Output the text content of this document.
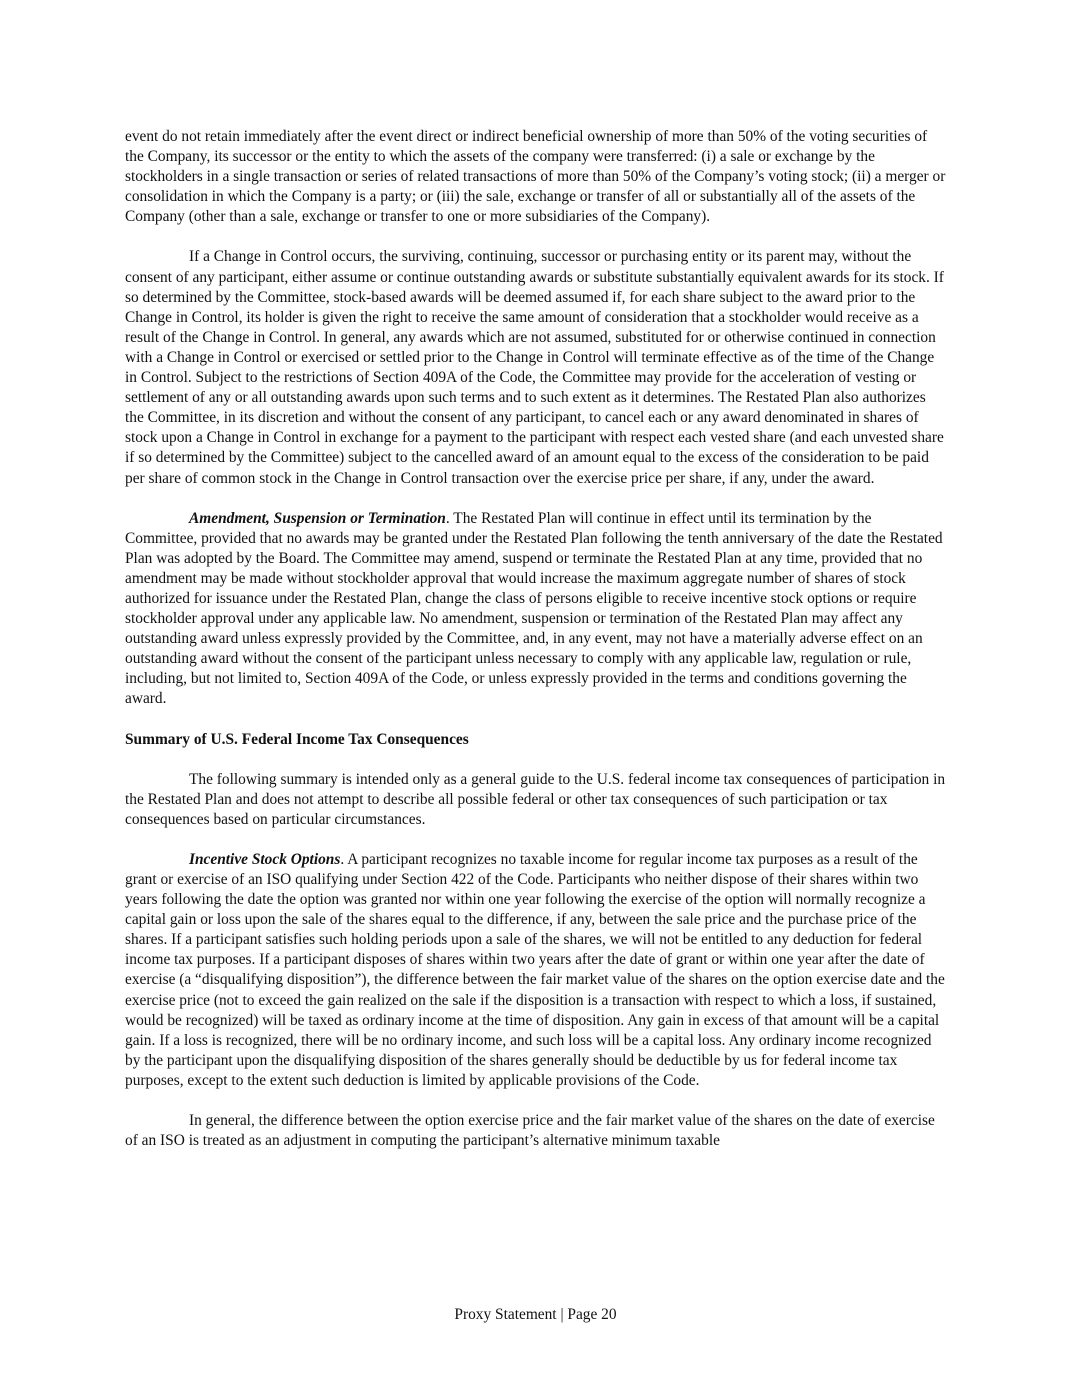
event do not retain immediately after the event direct or indirect beneficial ownership of more than 50% of the voting securities of the Company, its successor or the entity to which the assets of the company were transferred: (i) a sale or exchange by the stockholders in a single transaction or series of related transactions of more than 50% of the Company’s voting stock; (ii) a merger or consolidation in which the Company is a party; or (iii) the sale, exchange or transfer of all or substantially all of the assets of the Company (other than a sale, exchange or transfer to one or more subsidiaries of the Company).

If a Change in Control occurs, the surviving, continuing, successor or purchasing entity or its parent may, without the consent of any participant, either assume or continue outstanding awards or substitute substantially equivalent awards for its stock. If so determined by the Committee, stock-based awards will be deemed assumed if, for each share subject to the award prior to the Change in Control, its holder is given the right to receive the same amount of consideration that a stockholder would receive as a result of the Change in Control. In general, any awards which are not assumed, substituted for or otherwise continued in connection with a Change in Control or exercised or settled prior to the Change in Control will terminate effective as of the time of the Change in Control. Subject to the restrictions of Section 409A of the Code, the Committee may provide for the acceleration of vesting or settlement of any or all outstanding awards upon such terms and to such extent as it determines. The Restated Plan also authorizes the Committee, in its discretion and without the consent of any participant, to cancel each or any award denominated in shares of stock upon a Change in Control in exchange for a payment to the participant with respect each vested share (and each unvested share if so determined by the Committee) subject to the cancelled award of an amount equal to the excess of the consideration to be paid per share of common stock in the Change in Control transaction over the exercise price per share, if any, under the award.

Amendment, Suspension or Termination. The Restated Plan will continue in effect until its termination by the Committee, provided that no awards may be granted under the Restated Plan following the tenth anniversary of the date the Restated Plan was adopted by the Board. The Committee may amend, suspend or terminate the Restated Plan at any time, provided that no amendment may be made without stockholder approval that would increase the maximum aggregate number of shares of stock authorized for issuance under the Restated Plan, change the class of persons eligible to receive incentive stock options or require stockholder approval under any applicable law. No amendment, suspension or termination of the Restated Plan may affect any outstanding award unless expressly provided by the Committee, and, in any event, may not have a materially adverse effect on an outstanding award without the consent of the participant unless necessary to comply with any applicable law, regulation or rule, including, but not limited to, Section 409A of the Code, or unless expressly provided in the terms and conditions governing the award.

Summary of U.S. Federal Income Tax Consequences

The following summary is intended only as a general guide to the U.S. federal income tax consequences of participation in the Restated Plan and does not attempt to describe all possible federal or other tax consequences of such participation or tax consequences based on particular circumstances.

Incentive Stock Options. A participant recognizes no taxable income for regular income tax purposes as a result of the grant or exercise of an ISO qualifying under Section 422 of the Code. Participants who neither dispose of their shares within two years following the date the option was granted nor within one year following the exercise of the option will normally recognize a capital gain or loss upon the sale of the shares equal to the difference, if any, between the sale price and the purchase price of the shares. If a participant satisfies such holding periods upon a sale of the shares, we will not be entitled to any deduction for federal income tax purposes. If a participant disposes of shares within two years after the date of grant or within one year after the date of exercise (a “disqualifying disposition”), the difference between the fair market value of the shares on the option exercise date and the exercise price (not to exceed the gain realized on the sale if the disposition is a transaction with respect to which a loss, if sustained, would be recognized) will be taxed as ordinary income at the time of disposition. Any gain in excess of that amount will be a capital gain. If a loss is recognized, there will be no ordinary income, and such loss will be a capital loss. Any ordinary income recognized by the participant upon the disqualifying disposition of the shares generally should be deductible by us for federal income tax purposes, except to the extent such deduction is limited by applicable provisions of the Code.

In general, the difference between the option exercise price and the fair market value of the shares on the date of exercise of an ISO is treated as an adjustment in computing the participant’s alternative minimum taxable

Proxy Statement | Page 20
